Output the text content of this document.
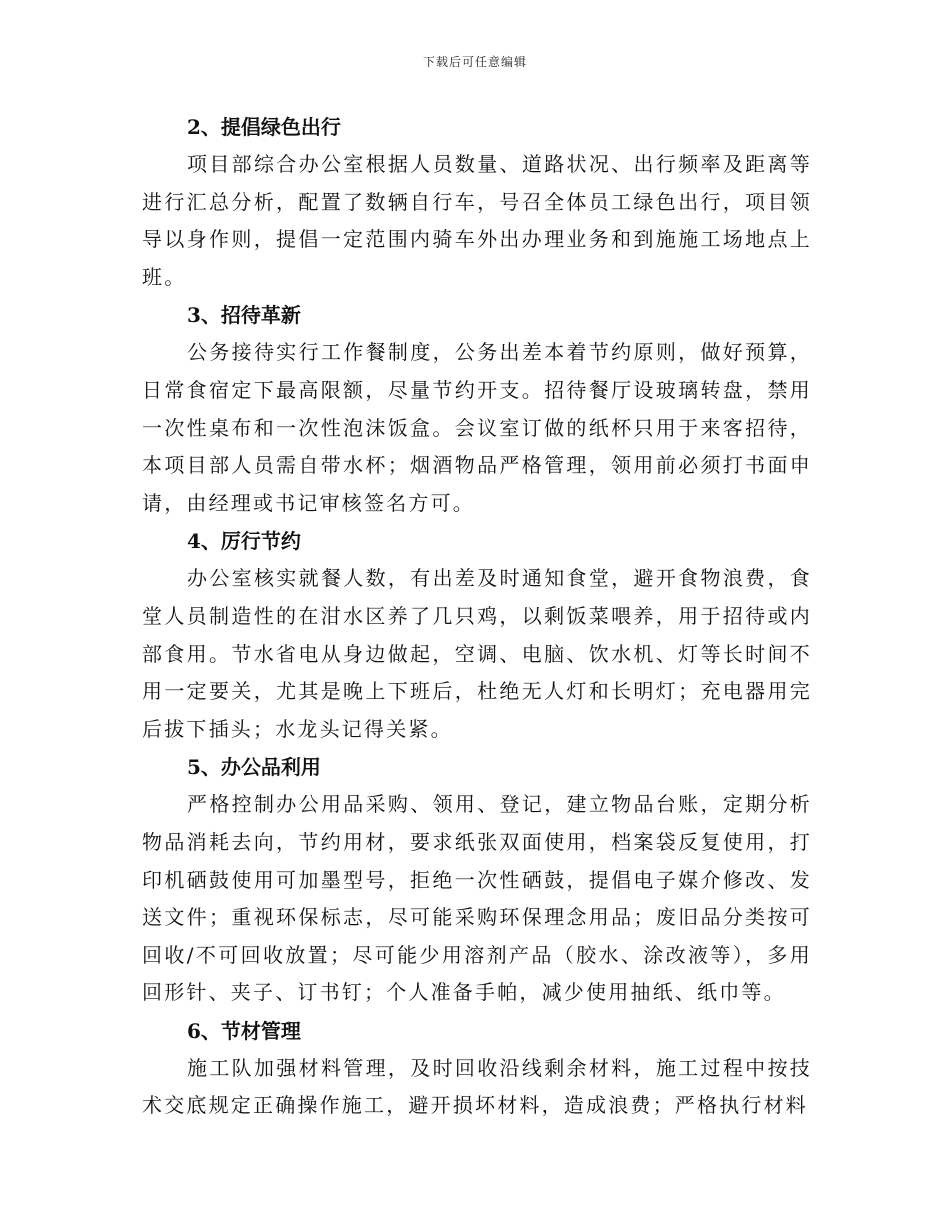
下载后可任意编辑

2、提倡绿色出行

项目部综合办公室根据人员数量、道路状况、出行频率及距离等进行汇总分析，配置了数辆自行车，号召全体员工绿色出行，项目领导以身作则，提倡一定范围内骑车外出办理业务和到施施工场地点上班。

3、招待革新

公务接待实行工作餐制度，公务出差本着节约原则，做好预算，日常食宿定下最高限额，尽量节约开支。招待餐厅设玻璃转盘，禁用一次性桌布和一次性泡沫饭盒。会议室订做的纸杯只用于来客招待，本项目部人员需自带水杯；烟酒物品严格管理，领用前必须打书面申请，由经理或书记审核签名方可。

4、厉行节约

办公室核实就餐人数，有出差及时通知食堂，避开食物浪费，食堂人员制造性的在泔水区养了几只鸡，以剩饭菜喂养，用于招待或内部食用。节水省电从身边做起，空调、电脑、饮水机、灯等长时间不用一定要关，尤其是晚上下班后，杜绝无人灯和长明灯；充电器用完后拔下插头；水龙头记得关紧。

5、办公品利用

严格控制办公用品采购、领用、登记，建立物品台账，定期分析物品消耗去向，节约用材，要求纸张双面使用，档案袋反复使用，打印机硒鼓使用可加墨型号，拒绝一次性硒鼓，提倡电子媒介修改、发送文件；重视环保标志，尽可能采购环保理念用品；废旧品分类按可回收/不可回收放置；尽可能少用溶剂产品（胶水、涂改液等），多用回形针、夹子、订书钉；个人准备手帕，减少使用抽纸、纸巾等。

6、节材管理

施工队加强材料管理，及时回收沿线剩余材料，施工过程中按技术交底规定正确操作施工，避开损坏材料，造成浪费；严格执行材料
